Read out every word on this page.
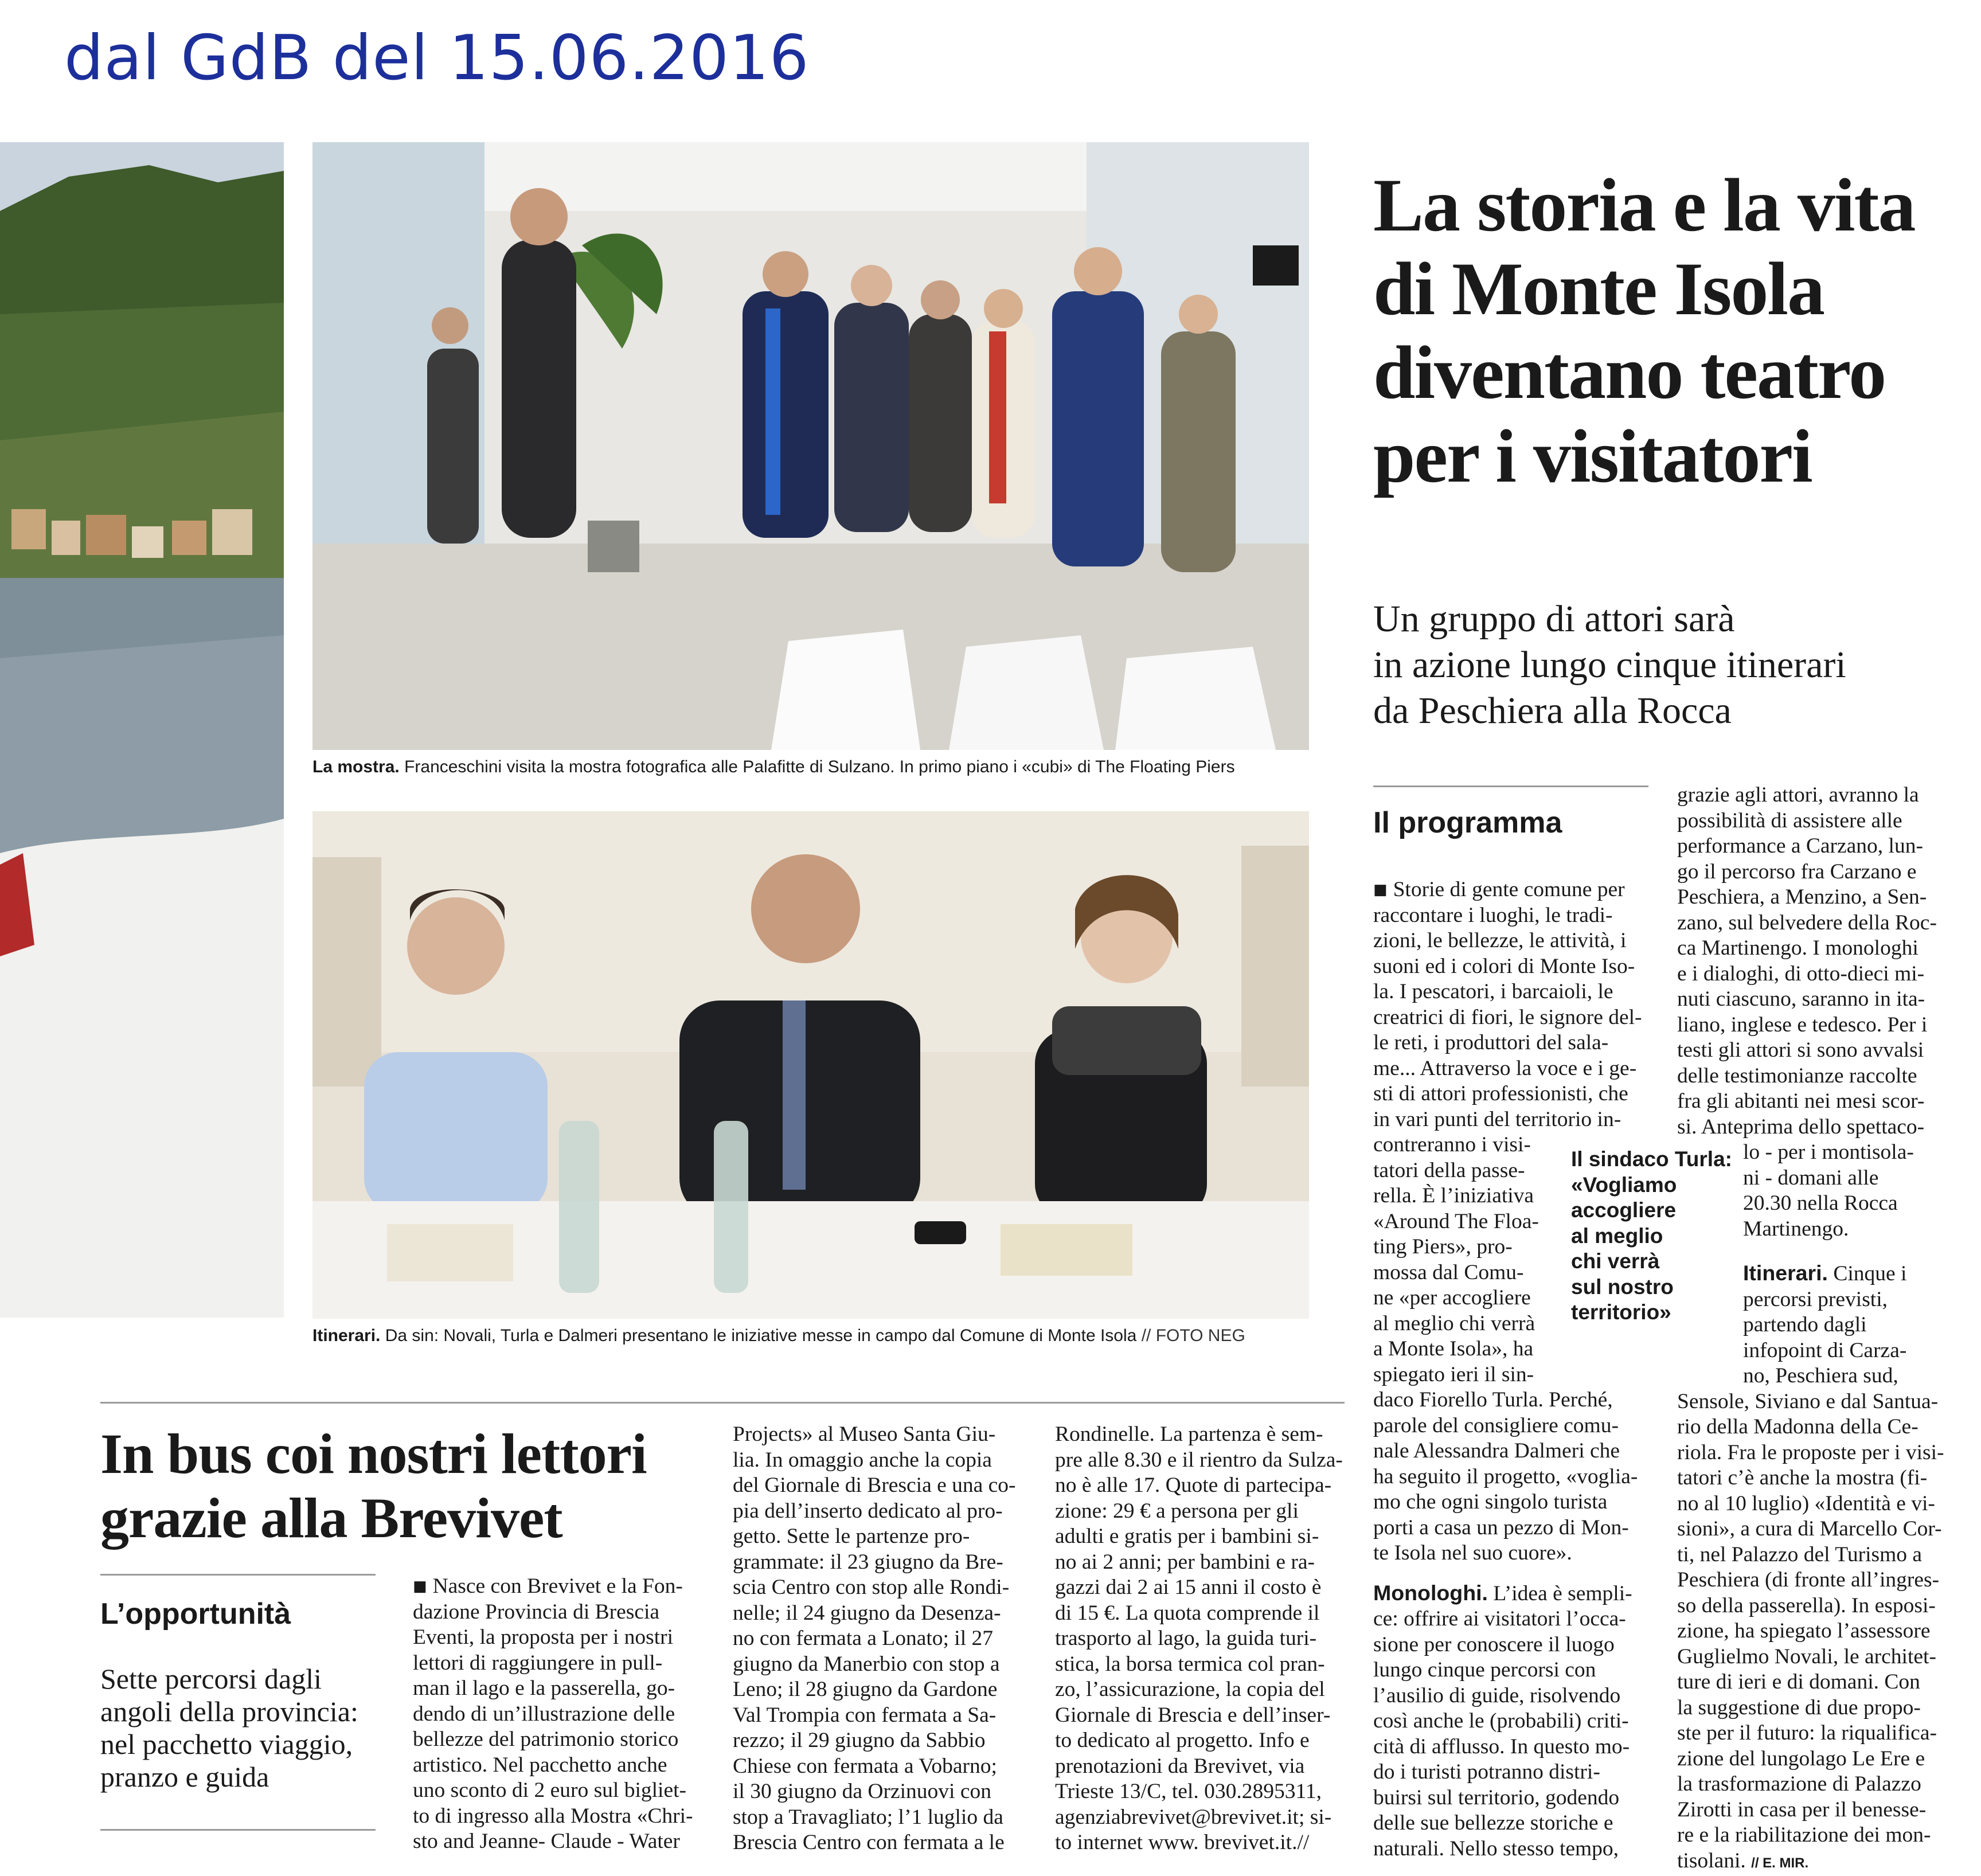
dal GdB del 15.06.2016
La mostra. Franceschini visita la mostra fotografica alle Palafitte di Sulzano. In primo piano i «cubi» di The Floating Piers
Itinerari. Da sin: Novali, Turla e Dalmeri presentano le iniziative messe in campo dal Comune di Monte Isola // FOTO NEG
La storia e la vita
di Monte Isola
diventano teatro
per i visitatori
Un gruppo di attori sarà
in azione lungo cinque itinerari
da Peschiera alla Rocca
Il programma
■ Storie di gente comune per
raccontare i luoghi, le tradi-
zioni, le bellezze, le attività, i
suoni ed i colori di Monte Iso-
la. I pescatori, i barcaioli, le
creatrici di fiori, le signore del-
le reti, i produttori del sala-
me... Attraverso la voce e i ge-
sti di attori professionisti, che
in vari punti del territorio in-
contreranno i visi-
tatori della passe-
rella. È l’iniziativa
«Around The Floa-
ting Piers», pro-
mossa dal Comu-
ne «per accogliere
al meglio chi verrà
a Monte Isola», ha
spiegato ieri il sin-
daco Fiorello Turla. Perché,
parole del consigliere comu-
nale Alessandra Dalmeri che
ha seguito il progetto, «voglia-
mo che ogni singolo turista
porti a casa un pezzo di Mon-
te Isola nel suo cuore».
Monologhi. L’idea è sempli-
ce: offrire ai visitatori l’occa-
sione per conoscere il luogo
lungo cinque percorsi con
l’ausilio di guide, risolvendo
così anche le (probabili) criti-
cità di afflusso. In questo mo-
do i turisti potranno distri-
buirsi sul territorio, godendo
delle sue bellezze storiche e
naturali. Nello stesso tempo,
Il sindaco Turla:
«Vogliamo
accogliere
al meglio
chi verrà
sul nostro
territorio»
grazie agli attori, avranno la
possibilità di assistere alle
performance a Carzano, lun-
go il percorso fra Carzano e
Peschiera, a Menzino, a Sen-
zano, sul belvedere della Roc-
ca Martinengo. I monologhi
e i dialoghi, di otto-dieci mi-
nuti ciascuno, saranno in ita-
liano, inglese e tedesco. Per i
testi gli attori si sono avvalsi
delle testimonianze raccolte
fra gli abitanti nei mesi scor-
si. Anteprima dello spettaco-
lo - per i montisola-
ni - domani alle
20.30 nella Rocca
Martinengo.
Itinerari. Cinque i
percorsi previsti,
partendo dagli
infopoint di Carza-
no, Peschiera sud,
Sensole, Siviano e dal Santua-
rio della Madonna della Ce-
riola. Fra le proposte per i visi-
tatori c’è anche la mostra (fi-
no al 10 luglio) «Identità e vi-
sioni», a cura di Marcello Cor-
ti, nel Palazzo del Turismo a
Peschiera (di fronte all’ingres-
so della passerella). In esposi-
zione, ha spiegato l’assessore
Guglielmo Novali, le architet-
ture di ieri e di domani. Con
la suggestione di due propo-
ste per il futuro: la riqualifica-
zione del lungolago Le Ere e
la trasformazione di Palazzo
Zirotti in casa per il benesse-
re e la riabilitazione dei mon-
tisolani. // E. MIR.
In bus coi nostri lettori
grazie alla Brevivet
L’opportunità
Sette percorsi dagli
angoli della provincia:
nel pacchetto viaggio,
pranzo e guida
■ Nasce con Brevivet e la Fon-
dazione Provincia di Brescia
Eventi, la proposta per i nostri
lettori di raggiungere in pull-
man il lago e la passerella, go-
dendo di un’illustrazione delle
bellezze del patrimonio storico
artistico. Nel pacchetto anche
uno sconto di 2 euro sul bigliet-
to di ingresso alla Mostra «Chri-
sto and Jeanne- Claude - Water
Projects» al Museo Santa Giu-
lia. In omaggio anche la copia
del Giornale di Brescia e una co-
pia dell’inserto dedicato al pro-
getto. Sette le partenze pro-
grammate: il 23 giugno da Bre-
scia Centro con stop alle Rondi-
nelle; il 24 giugno da Desenza-
no con fermata a Lonato; il 27
giugno da Manerbio con stop a
Leno; il 28 giugno da Gardone
Val Trompia con fermata a Sa-
rezzo; il 29 giugno da Sabbio
Chiese con fermata a Vobarno;
il 30 giugno da Orzinuovi con
stop a Travagliato; l’1 luglio da
Brescia Centro con fermata a le
Rondinelle. La partenza è sem-
pre alle 8.30 e il rientro da Sulza-
no è alle 17. Quote di partecipa-
zione: 29 € a persona per gli
adulti e gratis per i bambini si-
no ai 2 anni; per bambini e ra-
gazzi dai 2 ai 15 anni il costo è
di 15 €. La quota comprende il
trasporto al lago, la guida turi-
stica, la borsa termica col pran-
zo, l’assicurazione, la copia del
Giornale di Brescia e dell’inser-
to dedicato al progetto. Info e
prenotazioni da Brevivet, via
Trieste 13/C, tel. 030.2895311,
agenziabrevivet@brevivet.it; si-
to internet www. brevivet.it.//
